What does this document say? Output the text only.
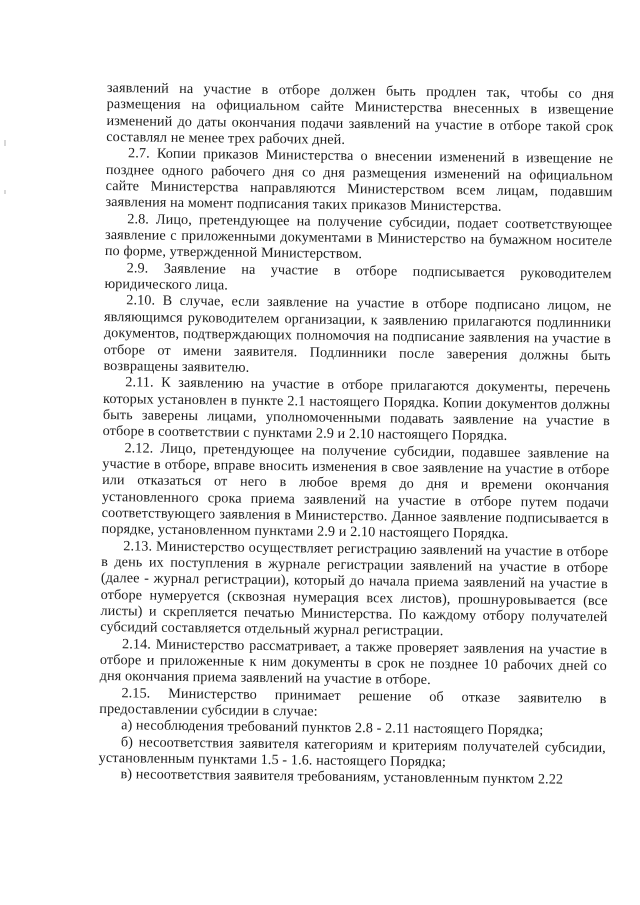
заявлений на участие в отборе должен быть продлен так, чтобы со дня размещения на официальном сайте Министерства внесенных в извещение изменений до даты окончания подачи заявлений на участие в отборе такой срок составлял не менее трех рабочих дней.

2.7. Копии приказов Министерства о внесении изменений в извещение не позднее одного рабочего дня со дня размещения изменений на официальном сайте Министерства направляются Министерством всем лицам, подавшим заявления на момент подписания таких приказов Министерства.

2.8. Лицо, претендующее на получение субсидии, подает соответствующее заявление с приложенными документами в Министерство на бумажном носителе по форме, утвержденной Министерством.

2.9. Заявление на участие в отборе подписывается руководителем юридического лица.

2.10. В случае, если заявление на участие в отборе подписано лицом, не являющимся руководителем организации, к заявлению прилагаются подлинники документов, подтверждающих полномочия на подписание заявления на участие в отборе от имени заявителя. Подлинники после заверения должны быть возвращены заявителю.

2.11. К заявлению на участие в отборе прилагаются документы, перечень которых установлен в пункте 2.1 настоящего Порядка. Копии документов должны быть заверены лицами, уполномоченными подавать заявление на участие в отборе в соответствии с пунктами 2.9 и 2.10 настоящего Порядка.

2.12. Лицо, претендующее на получение субсидии, подавшее заявление на участие в отборе, вправе вносить изменения в свое заявление на участие в отборе или отказаться от него в любое время до дня и времени окончания установленного срока приема заявлений на участие в отборе путем подачи соответствующего заявления в Министерство. Данное заявление подписывается в порядке, установленном пунктами 2.9 и 2.10 настоящего Порядка.

2.13. Министерство осуществляет регистрацию заявлений на участие в отборе в день их поступления в журнале регистрации заявлений на участие в отборе (далее - журнал регистрации), который до начала приема заявлений на участие в отборе нумеруется (сквозная нумерация всех листов), прошнуровывается (все листы) и скрепляется печатью Министерства. По каждому отбору получателей субсидий составляется отдельный журнал регистрации.

2.14. Министерство рассматривает, а также проверяет заявления на участие в отборе и приложенные к ним документы в срок не позднее 10 рабочих дней со дня окончания приема заявлений на участие в отборе.

2.15. Министерство принимает решение об отказе заявителю в предоставлении субсидии в случае:

а) несоблюдения требований пунктов 2.8 - 2.11 настоящего Порядка;

б) несоответствия заявителя категориям и критериям получателей субсидии, установленным пунктами 1.5 - 1.6. настоящего Порядка;

в) несоответствия заявителя требованиям, установленным пунктом 2.22
